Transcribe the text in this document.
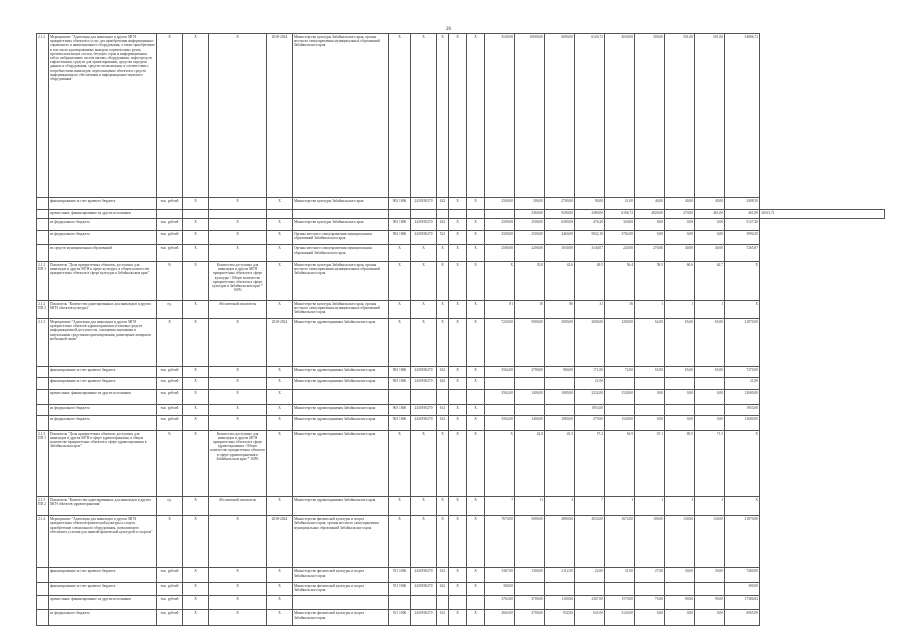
26
2.1.2	Мероприятие "Адаптация для инвалидов и других МГН приоритетных объектов и услуг для приобретения информационно-справочного и навигационного оборудования, а также приобретение в том числе адаптированных выводов, перевозочных ручек, противоскользящих систем, бегущих строк и информационных табло, вибрационных систем вызова, оборудования, тифлосредств, тифлотехники, средств для ориентирования, средства передачи данных и оборудования, средств сигнализации, в соответствии с потребностями инвалидов, переоснащение объектов и средств информационного обеспечения и информационно-звукового оборудования"	Х	Х	Х	2018-2024	Министерство культуры Забайкальского края, органы местного самоуправления муниципальных образований Забайкальского края	Х	Х	Х	Х	Х	3540,00	10000,00	6000,00	6126,72	4030,00	300,00	501,00	501,00	34806,72	
	финансирование за счет краевого бюджета	тыс. рублей	Х	Х	Х	Министерство культуры Забайкальского края	902 1006	2430190270	622	Х	Х	2500,00	500,00	2700,00	90,00	21,00	40,00	40,00	40,00	3408,50	
	прочие иные, финансирование из других источников												2360,00	9200,00	2380,00	6106,72	4020,00	270,00	461,00	461,00	32613,72
	из федерального бюджета	тыс. рублей	Х	Х	Х	Министерство культуры Забайкальского края	902 1006	2430190270	622	Х	Х	2500,00	2500,00	6300,00	476,20	320,00	8,00	0,00	0,00	5127,20	
	из федерального бюджета	тыс. рублей	Х	Х	Х	Органы местного самоуправления муниципальных образований Забайкальского края	902 1006	2430190270	521	Х	Х	2500,00	2500,00	2460,00	5922,10	3702,00	0,00	0,00	0,00	3994,50	
	из средств муниципальных образований	тыс. рублей	Х	Х	Х	Органы местного самоуправления муниципальных образований Забайкальского края	Х	Х	Х	Х	Х	2500,00	2200,00	1030,00	3140,07	220,00	270,00	40,00	40,00	7265,87	
2.1.2 ПП 1	Показатель "Доля приоритетных объектов, доступных для инвалидов и других МГН в сфере культуры, в общем количестве приоритетных объектов в сфере культуры в Забайкальском крае"	%	Х	Количество доступных для инвалидов и других МГН приоритетных объектов в сфере культуры / Общее количество приоритетных объектов в сфере культуры в Забайкальском крае * 100%	Х	Министерство культуры Забайкальского края, органы местного самоуправления муниципальных образований Забайкальского края	Х	Х	Х	Х	Х	Х	35,8	42,6	49,5	56,4	58,5	60,6	62,7	Х	
2.1.2 ПП 2	Показатель "Количество адаптированных для инвалидов и других МГН объектов культуры"	ед.	Х	Абсолютный показатель	Х	Министерство культуры Забайкальского края, органы местного самоуправления муниципальных образований Забайкальского края	Х	Х	Х	Х	Х	81	10	86	31	36	1	1	1	Х	
2.1.3	Мероприятие "Адаптация для инвалидов и других МГН приоритетных объектов здравоохранения установка средств информационной доступности, оснащения звуковыми и визуальными средствами ориентирования, размещение аппаратов мобильной связи"	Х	Х	Х	2018-2024	Министерство здравоохранения Забайкальского края	Х	Х	Х	Х	Х	7220,00	5000,00	3000,00	2000,00	1200,00	62,00	65,00	65,00	21870,00	
	финансирование за счет краевого бюджета	тыс. рублей	Х	Х	Х	Министерство здравоохранения Забайкальского края	903 1006	2430190270	612	Х	Х	3562,00	2790,00	960,00	171,00	72,00	65,00	65,00	65,00	7270,00	
	финансирование за счет краевого бюджета	тыс. рублей	Х	Х	Х	Министерство здравоохранения Забайкальского края	903 1006	2430190270	622	Х	Х				21,00					21,00	
	прочие иные, финансирование из других источников	тыс. рублей	Х	Х	Х							3562,00	1400,00	1080,00	2232,00	1528,00	0,00	0,00	0,00	12600,00	
	из федерального бюджета	тыс. рублей	Х	Х	Х	Министерство здравоохранения Забайкальского края	903 1006	2430190270	612	Х	Х				1953,00					1953,00	
	из федерального бюджета	тыс. рублей	Х	Х	Х	Министерство здравоохранения Забайкальского края	903 1006	2430190270	612	Х	Х	3562,00	1400,00	1080,00	279,00	1528,00	0,00	0,00	0,00	12600,00	
2.1.3 ПП 1	Показатель "Доля приоритетных объектов, доступных для инвалидов и других МГН в сфере здравоохранения, в общем количестве приоритетных объектов в сфере здравоохранения в Забайкальском крае"	%	Х	Количество доступных для инвалидов и других МГН приоритетных объектов в сфере здравоохранения / Общее количество приоритетных объектов в сфере здравоохранения в Забайкальском крае * 100%	Х	Министерство здравоохранения Забайкальского края	Х	Х	Х	Х	Х	Х	42,0	45,5	57,2	63,9	67,1	69,5	71,3	Х	
2.1.3 ПП 2	Показатель "Количество адаптированных для инвалидов и других МГН объектов здравоохранения"	ед.	Х	Абсолютный показатель	Х	Министерство здравоохранения Забайкальского края	Х	Х	Х	Х	Х	7	11	3	7	1	1	1	1	Х	
2.1.4	Мероприятие "Адаптация для инвалидов и других МГН приоритетных объектов физической культуры и спорта, приобретение специального оборудования, позволяющего обеспечить условия для занятий физической культурой и спортом"	Х	Х	Х	2018-2024	Министерство физической культуры и спорта Забайкальского края, органы местного самоуправления муниципальных образований Забайкальского края	Х	Х	Х	Х	Х	7670,00	5000,00	2800,00	2033,00	1672,00	100,00	130,00	130,00	21870,00	
	финансирование за счет краевого бюджета	тыс. рублей	Х	Х	Х	Министерство физической культуры и спорта Забайкальского края	911 1006	2430190270	612	Х	Х	3367,00	1300,00	2112,50	22,00	31,00	27,00	30,00	30,00	7460,00	
	финансирование за счет краевого бюджета	тыс. рублей	Х	Х	Х	Министерство физической культуры и спорта Забайкальского края	911 1006	2430190270	622	Х	Х	300,00								300,00	
	прочие иные, финансирование из других источников	тыс. рублей	Х	Х	Х							3763,00	3700,00	1100,00	2367,00	1579,00	75,00	90,00	90,00	17386,82	
	из федерального бюджета	тыс. рублей	Х	Х	Х	Министерство физической культуры и спорта Забайкальского края	911 1006	2430190270	612	Х	Х	3663,00	3700,00	932,00	631,00	3143,00	0,00	0,00	0,00	6965,00	
